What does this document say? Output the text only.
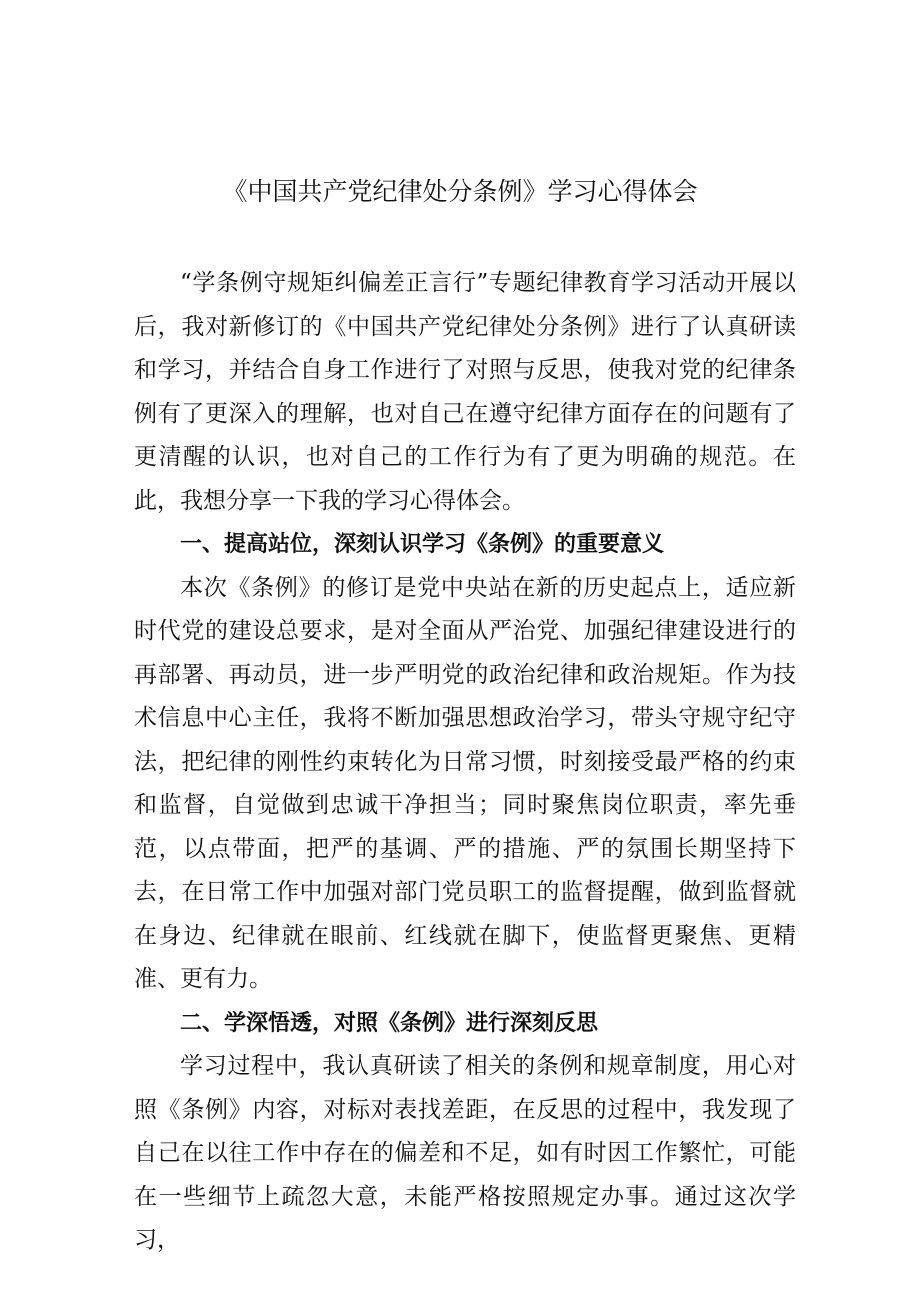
《中国共产党纪律处分条例》学习心得体会

“学条例守规矩纠偏差正言行”专题纪律教育学习活动开展以后，我对新修订的《中国共产党纪律处分条例》进行了认真研读和学习，并结合自身工作进行了对照与反思，使我对党的纪律条例有了更深入的理解，也对自己在遵守纪律方面存在的问题有了更清醒的认识，也对自己的工作行为有了更为明确的规范。在此，我想分享一下我的学习心得体会。

一、提高站位，深刻认识学习《条例》的重要意义

本次《条例》的修订是党中央站在新的历史起点上，适应新时代党的建设总要求，是对全面从严治党、加强纪律建设进行的再部署、再动员，进一步严明党的政治纪律和政治规矩。作为技术信息中心主任，我将不断加强思想政治学习，带头守规守纪守法，把纪律的刚性约束转化为日常习惯，时刻接受最严格的约束和监督，自觉做到忠诚干净担当；同时聚焦岗位职责，率先垂范，以点带面，把严的基调、严的措施、严的氛围长期坚持下去，在日常工作中加强对部门党员职工的监督提醒，做到监督就在身边、纪律就在眼前、红线就在脚下，使监督更聚焦、更精准、更有力。

二、学深悟透，对照《条例》进行深刻反思

学习过程中，我认真研读了相关的条例和规章制度，用心对照《条例》内容，对标对表找差距，在反思的过程中，我发现了自己在以往工作中存在的偏差和不足，如有时因工作繁忙，可能在一些细节上疏忽大意，未能严格按照规定办事。通过这次学习，
